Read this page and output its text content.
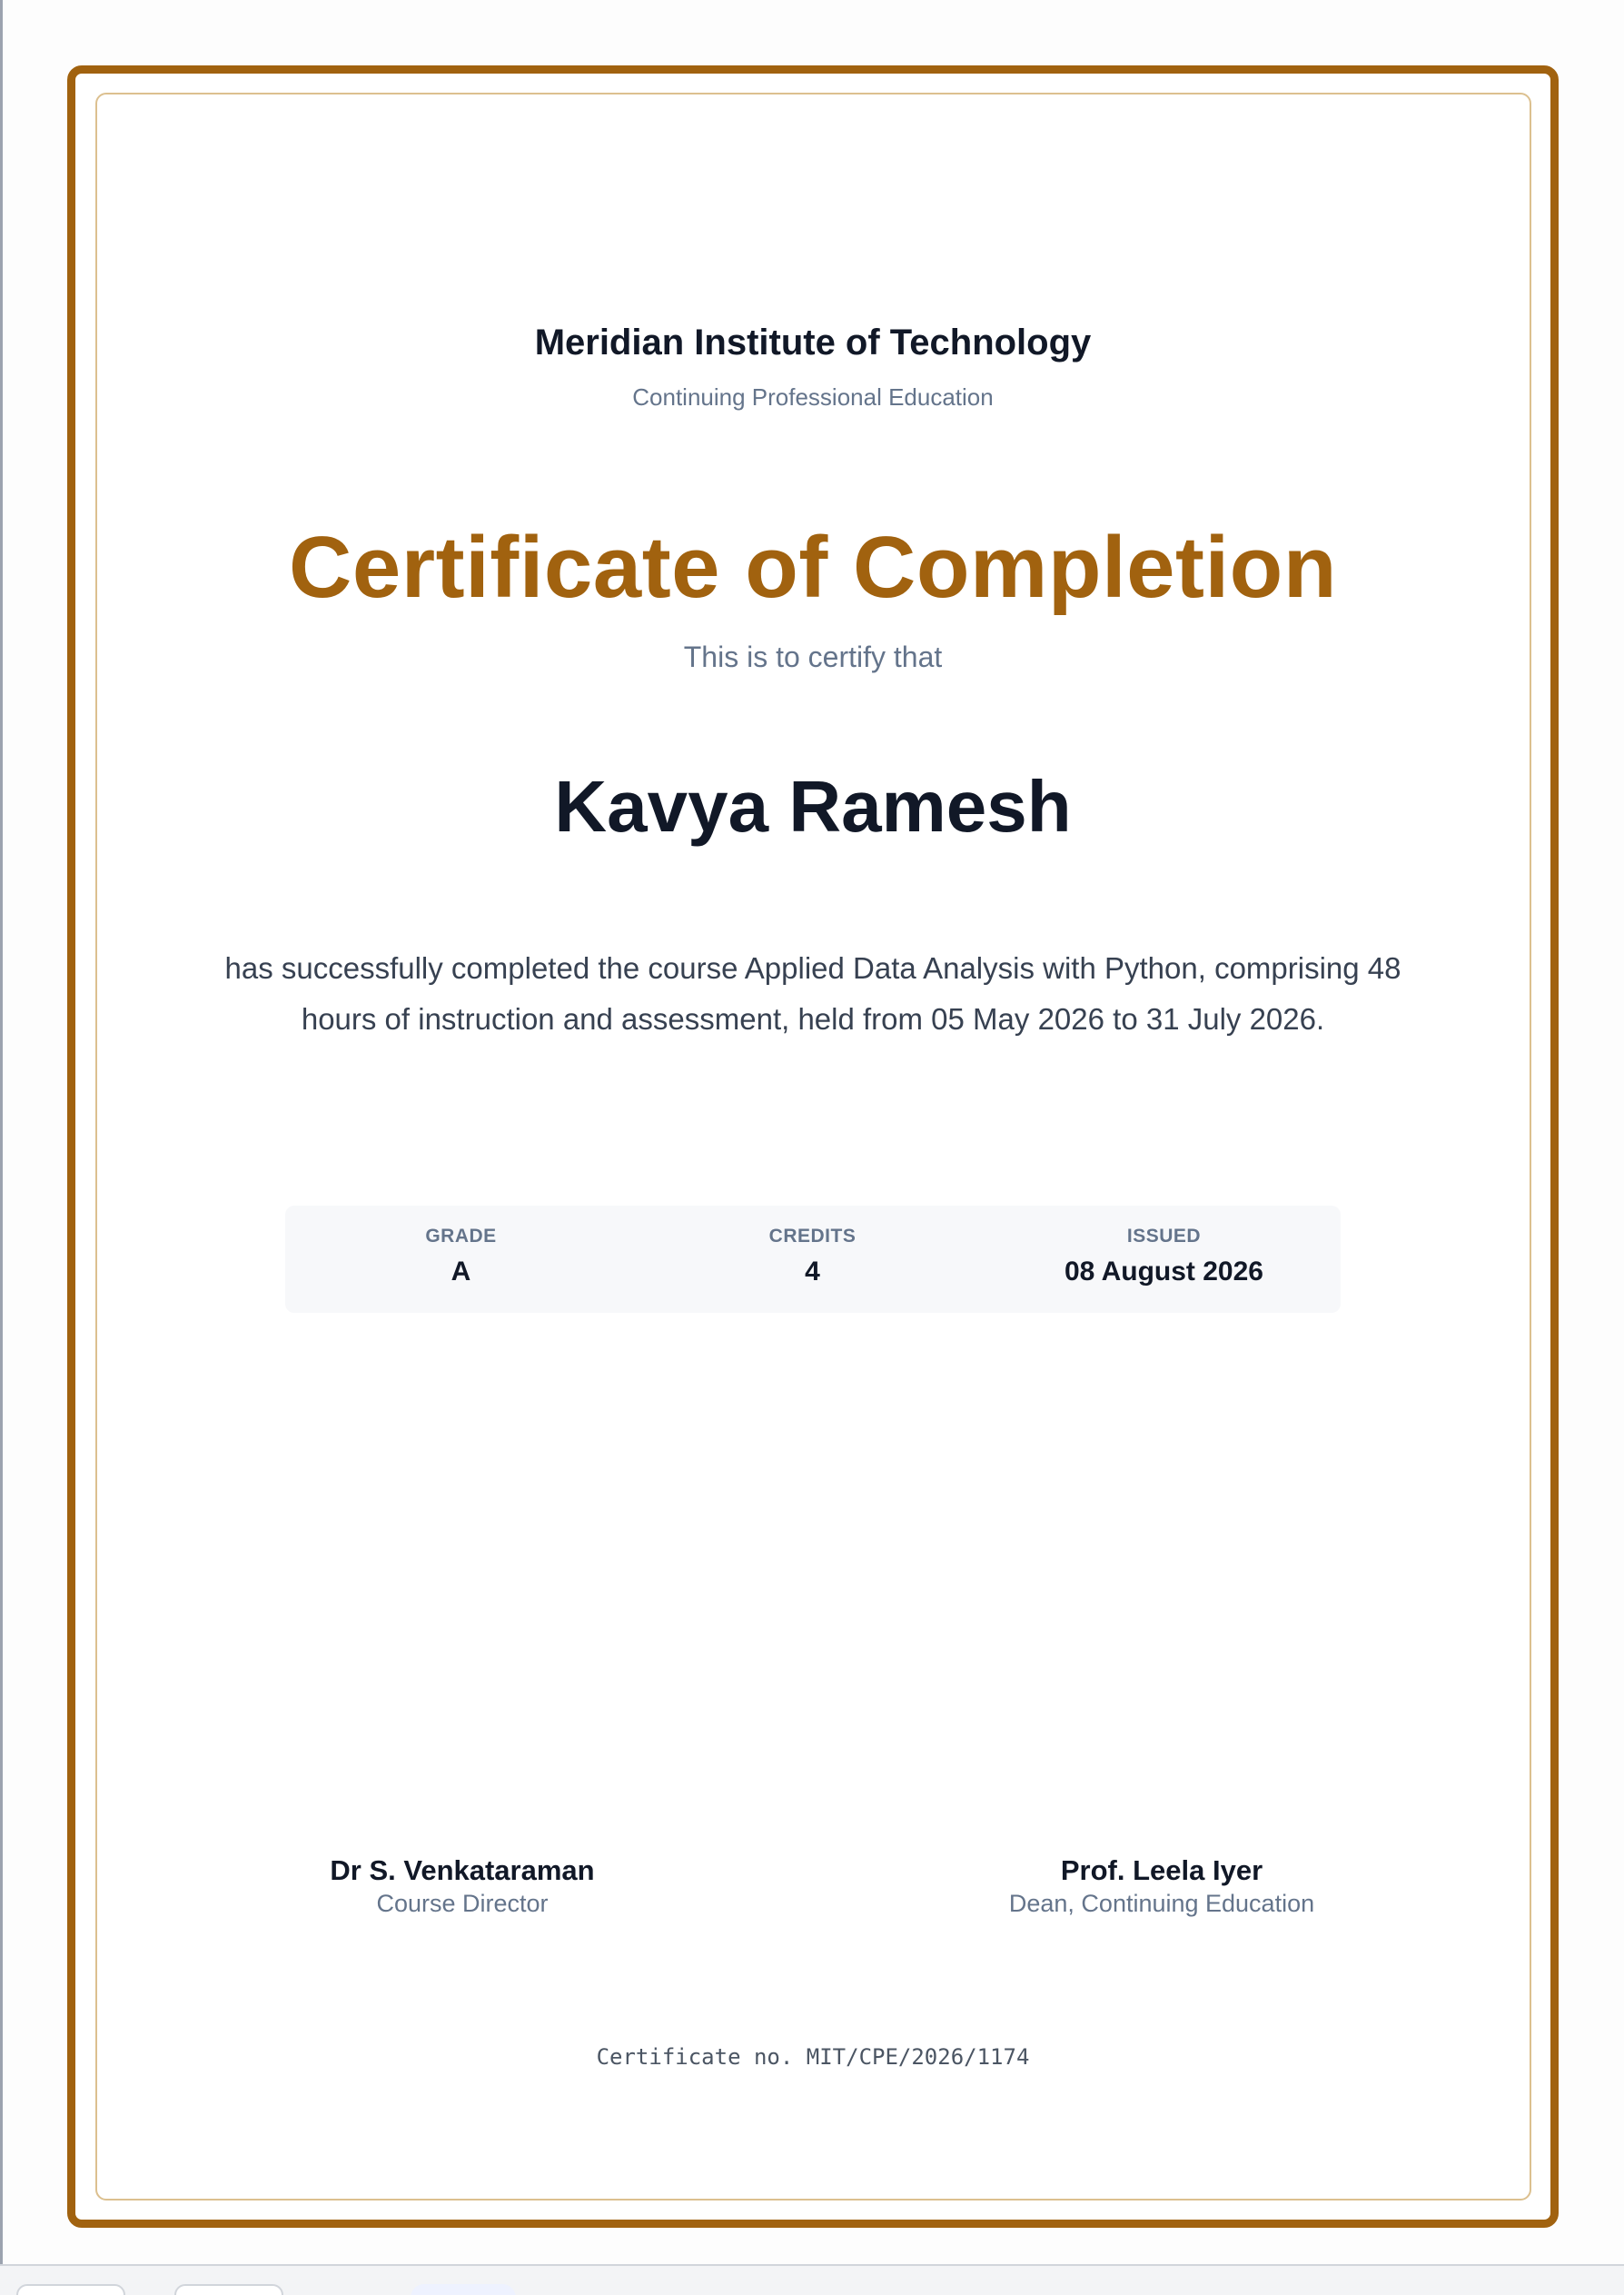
Meridian Institute of Technology
Continuing Professional Education
Certificate of Completion
This is to certify that
Kavya Ramesh
has successfully completed the course Applied Data Analysis with Python, comprising 48 hours of instruction and assessment, held from 05 May 2026 to 31 July 2026.
GRADE
A
CREDITS
4
ISSUED
08 August 2026
Dr S. Venkataraman
Course Director
Prof. Leela Iyer
Dean, Continuing Education
Certificate no. MIT/CPE/2026/1174
